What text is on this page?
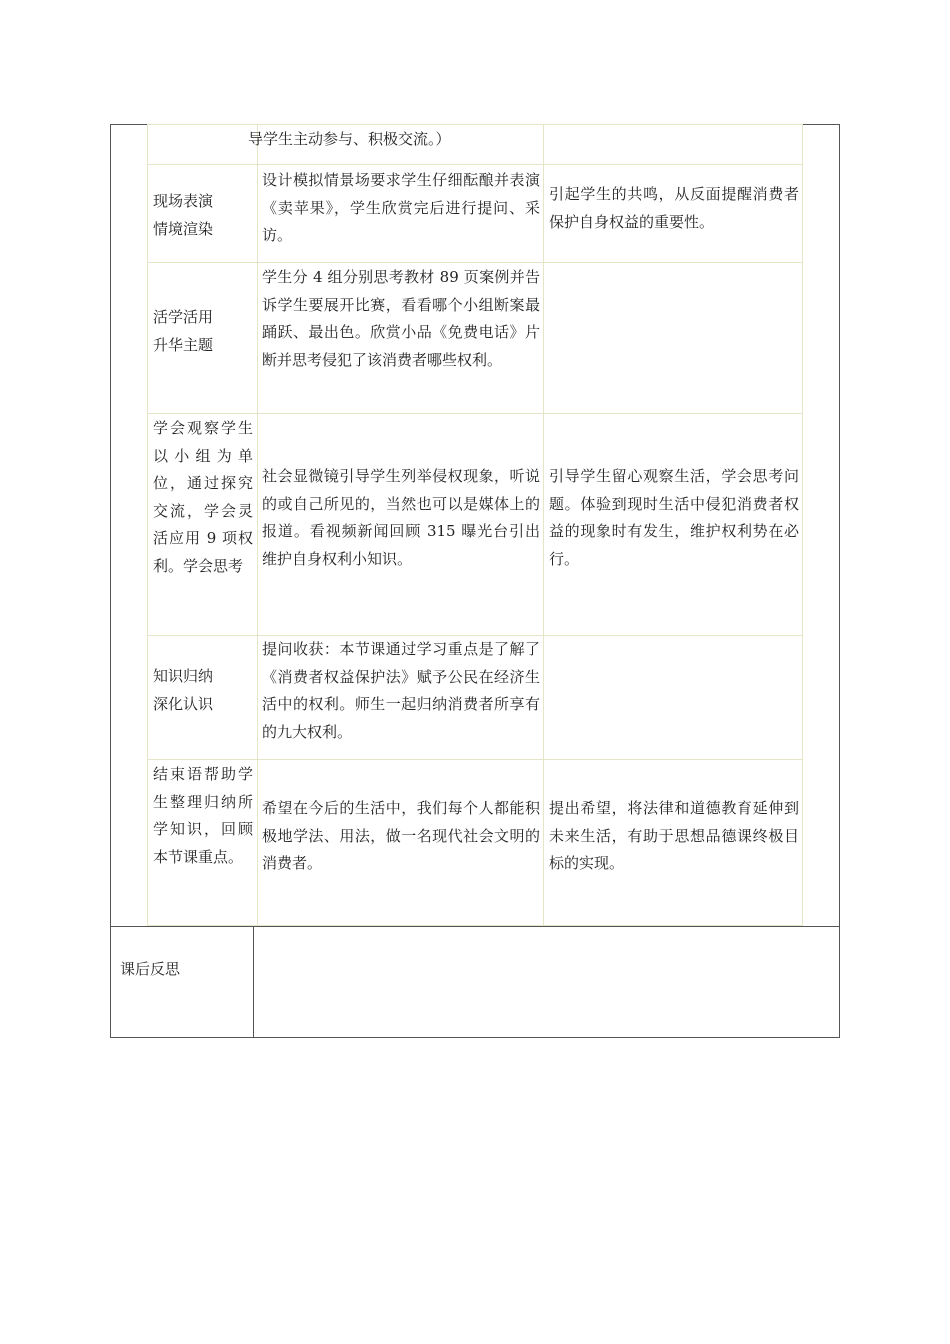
导学生主动参与、积极交流。）
现场表演
情境渲染
设计模拟情景场要求学生仔细酝酿并表演《卖苹果》，学生欣赏完后进行提问、采访。
引起学生的共鸣，从反面提醒消费者保护自身权益的重要性。
活学活用
升华主题
学生分 4 组分别思考教材 89 页案例并告诉学生要展开比赛，看看哪个小组断案最踊跃、最出色。欣赏小品《免费电话》片断并思考侵犯了该消费者哪些权利。
学会观察学生以小组为单位，通过探究交流，学会灵活应用 9 项权利。学会思考
社会显微镜引导学生列举侵权现象，听说的或自己所见的，当然也可以是媒体上的报道。看视频新闻回顾 315 曝光台引出维护自身权利小知识。
引导学生留心观察生活，学会思考问题。体验到现时生活中侵犯消费者权益的现象时有发生，维护权利势在必行。
知识归纳
深化认识
提问收获：本节课通过学习重点是了解了《消费者权益保护法》赋予公民在经济生活中的权利。师生一起归纳消费者所享有的九大权利。
结束语帮助学生整理归纳所学知识，回顾本节课重点。
希望在今后的生活中，我们每个人都能积极地学法、用法，做一名现代社会文明的消费者。
提出希望，将法律和道德教育延伸到未来生活，有助于思想品德课终极目标的实现。
课后反思
